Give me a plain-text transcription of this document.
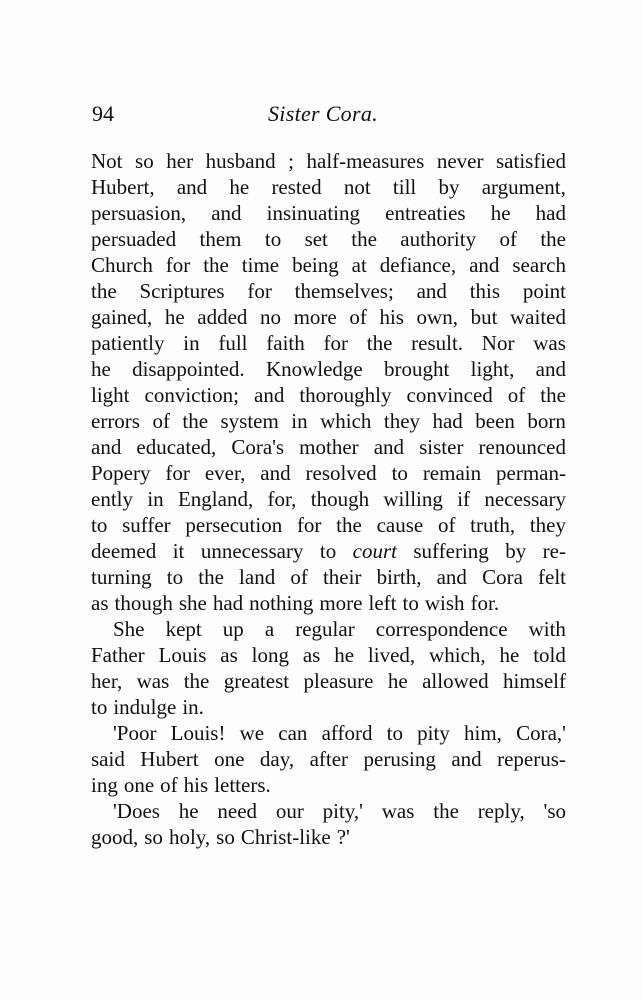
94	Sister Cora.
Not so her husband ; half-measures never satisfied
Hubert, and he rested not till by argument,
persuasion, and insinuating entreaties he had
persuaded them to set the authority of the
Church for the time being at defiance, and search
the Scriptures for themselves; and this point
gained, he added no more of his own, but waited
patiently in full faith for the result. Nor was
he disappointed. Knowledge brought light, and
light conviction; and thoroughly convinced of the
errors of the system in which they had been born
and educated, Cora's mother and sister renounced
Popery for ever, and resolved to remain perman-
ently in England, for, though willing if necessary
to suffer persecution for the cause of truth, they
deemed it unnecessary to court suffering by re-
turning to the land of their birth, and Cora felt
as though she had nothing more left to wish for.
She kept up a regular correspondence with
Father Louis as long as he lived, which, he told
her, was the greatest pleasure he allowed himself
to indulge in.
'Poor Louis! we can afford to pity him, Cora,'
said Hubert one day, after perusing and reperus-
ing one of his letters.
'Does he need our pity,' was the reply, 'so
good, so holy, so Christ-like ?'
